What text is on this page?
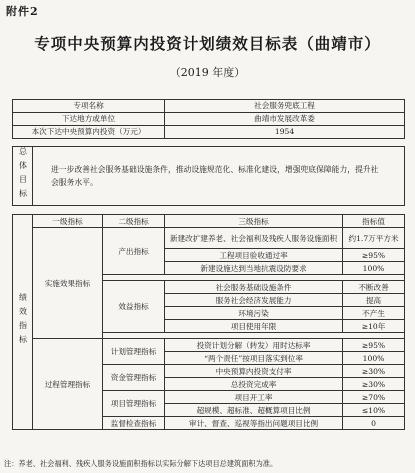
附件2
专项中央预算内投资计划绩效目标表（曲靖市）
（2019 年度）
专项名称			社会服务兜底工程	
下达地方或单位			曲靖市发展改革委	
本次下达中央预算内投资（万元）			1954	

总体目标	进一步改善社会服务基础设施条件，推动设施规范化、标准化建设，增强兜底保障能力，提升社会服务水平。			

绩效指标	一级指标	二级指标	三级指标	指标值
	实施效果指标	产出指标	新建改扩建养老、社会福利及残疾人服务设施面积	约1.7万平方米
			工程项目验收通过率	≥95%
			新建设施达到当地抗震设防要求	100%

		效益指标	社会服务基础设施条件	不断改善
			服务社会经济发展能力	提高
			环境污染	不产生
			项目使用年限	≥10年

	过程管理指标	计划管理指标	投资计划分解（转发）用时达标率	≥95%
			“两个责任”按项目落实到位率	100%
		资金管理指标	中央预算内投资支付率	≥30%
			总投资完成率	≥30%
		项目管理指标	项目开工率	≥70%
			超规模、超标准、超概算项目比例	≤10%
		监督检查指标	审计、督查、巡视等指出问题项目比例	0
注：养老、社会福利、残疾人服务设施面积指标以实际分解下达项目总建筑面积为准。
